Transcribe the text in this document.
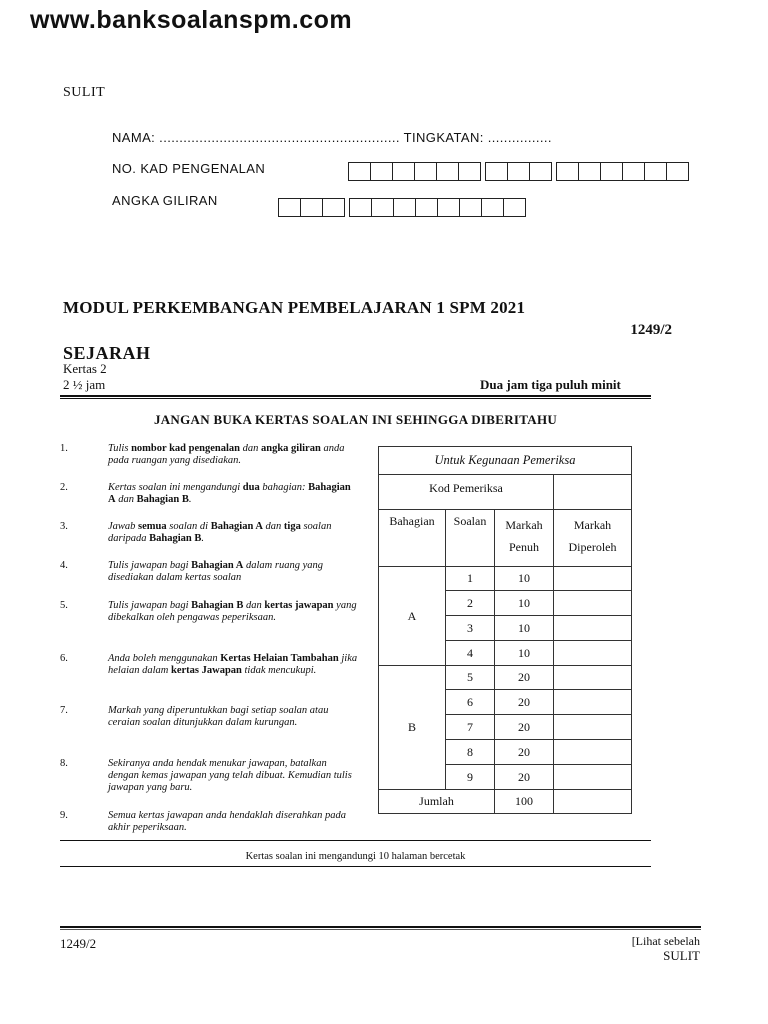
www.banksoalanspm.com
SULIT
NAMA: ............................................................ TINGKATAN: ................
NO. KAD PENGENALAN
ANGKA GILIRAN
MODUL PERKEMBANGAN PEMBELAJARAN 1 SPM 2021
1249/2
SEJARAH
Kertas 2
2 ½ jam	Dua jam tiga puluh minit
JANGAN BUKA KERTAS SOALAN INI SEHINGGA DIBERITAHU
1.	Tulis nombor kad pengenalan dan angka giliran anda pada ruangan yang disediakan.
2.	Kertas soalan ini mengandungi dua bahagian: Bahagian A dan Bahagian B.
3.	Jawab semua soalan di Bahagian A dan tiga soalan daripada Bahagian B.
4.	Tulis jawapan bagi Bahagian A dalam ruang yang disediakan dalam kertas soalan
5.	Tulis jawapan bagi Bahagian B dan kertas jawapan yang dibekalkan oleh pengawas peperiksaan.
6.	Anda boleh menggunakan Kertas Helaian Tambahan jika helaian dalam kertas Jawapan tidak mencukupi.
7.	Markah yang diperuntukkan bagi setiap soalan atau ceraian soalan ditunjukkan dalam kurungan.
8.	Sekiranya anda hendak menukar jawapan, batalkan dengan kemas jawapan yang telah dibuat. Kemudian tulis jawapan yang baru.
9.	Semua kertas jawapan anda hendaklah diserahkan pada akhir peperiksaan.
Untuk Kegunaan Pemeriksa			
Kod Pemeriksa			
Bahagian	Soalan	Markah Penuh	Markah Diperoleh
A	1	10	
	2	10	
	3	10	
	4	10	
B	5	20	
	6	20	
	7	20	
	8	20	
	9	20	
Jumlah		100	
Kertas soalan ini mengandungi 10 halaman bercetak
1249/2	[Lihat sebelah
SULIT
